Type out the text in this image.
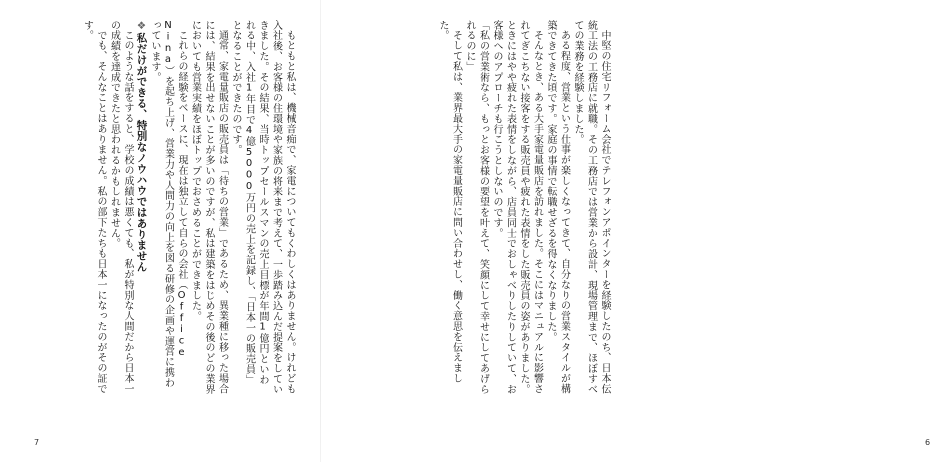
もともと私は、機械音痴で、家電についてもくわしくはありません。けれども入社後、お客様の住環境や家族の将来まで考えて、一歩踏み込んだ提案をしていきました。その結果、当時トップセールスマンの売上目標が年間1億円といわれる中、入社1年目で4億5000万円の売上を記録し、「日本一の販売員」となることができたのです。
通常、家電量販店の販売員は「待ちの営業」であるため、異業種に移った場合には、結果を出せないことが多いのですが、私は建築をはじめその後のどの業界においても営業実績をほぼトップでおさめることができました。
これらの経験をベースに、現在は独立して自らの会社（Office Nina）を起ち上げ、営業力や人間力の向上を図る研修の企画や運営に携わっています。
❖私だけができる、特別なノウハウではありません
このような話をすると、学校の成績は悪くても、私が特別な人間だから日本一の成績を達成できたと思われるかもしれません。
でも、そんなことはありません。私の部下たちも日本一になったのがその証です。
7
中堅の住宅リフォーム会社でテレフォンアポインターを経験したのち、日本伝統工法の工務店に就職。その工務店では営業から設計、現場管理まで、ほぼすべての業務を経験しました。
ある程度、営業という仕事が楽しくなってきて、自分なりの営業スタイルが構築できてきた頃です。家庭の事情で転職せざるを得なくなりました。
そんなとき、ある大手家電量販店を訪れました。そこにはマニュアルに影響されてぎこちない接客をする販売員や疲れた表情をした販売員の姿がありました。ときにはやや疲れた表情をしながら、店員同士でおしゃべりしたりしていて、お客様へのアプローチも行こうとしないのです。
「私の営業術なら、もっとお客様の要望を叶えて、笑顔にして幸せにしてあげられるのに」
そして私は、業界最大手の家電量販店に問い合わせし、働く意思を伝えました。
6
